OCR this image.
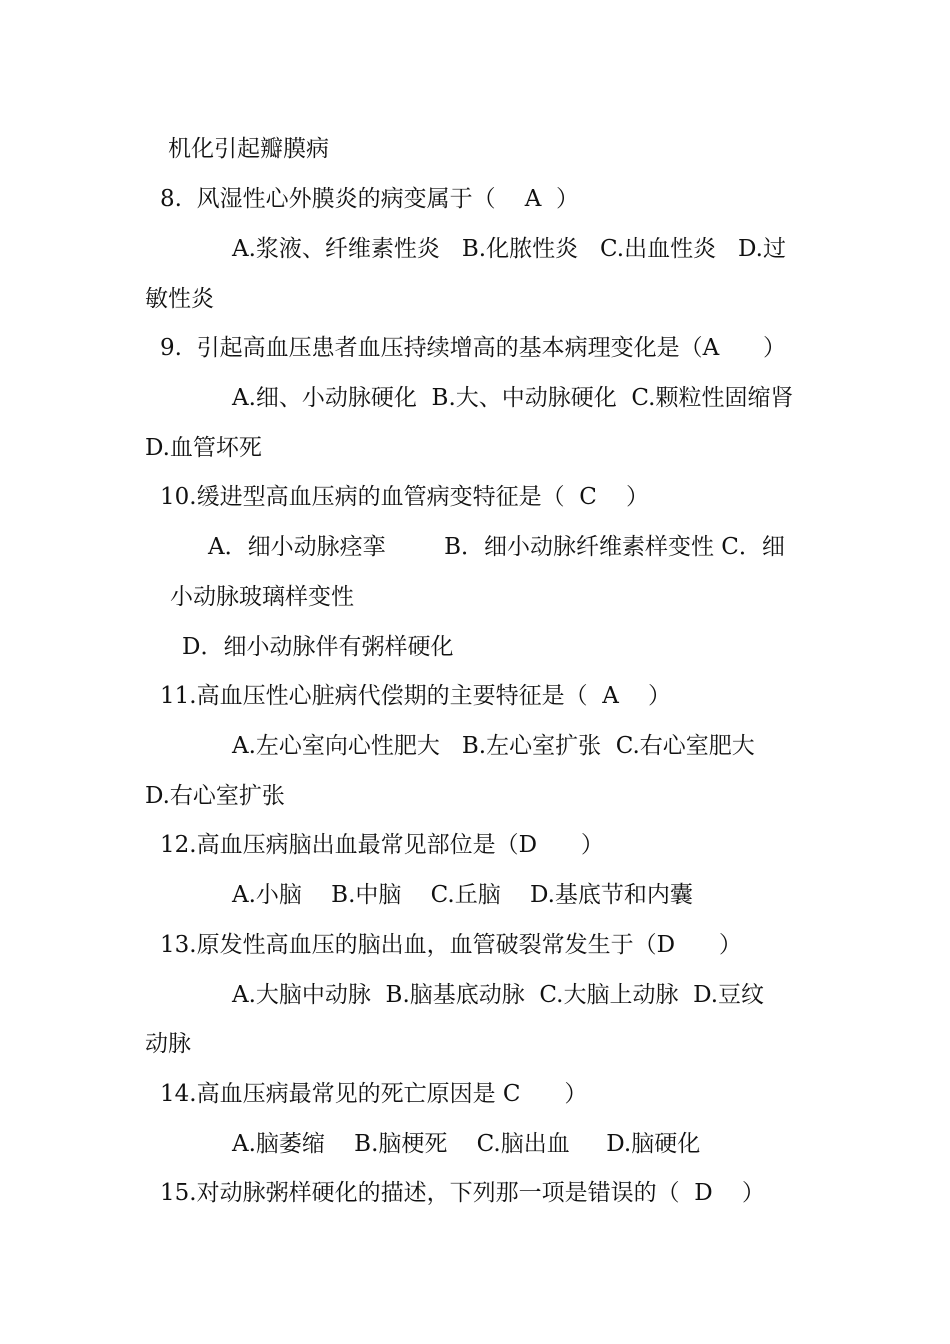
机化引起瓣膜病
8.  风湿性心外膜炎的病变属于（    A  ）
A.浆液、纤维素性炎   B.化脓性炎   C.出血性炎   D.过
敏性炎
9.  引起高血压患者血压持续增高的基本病理变化是（A      ）
A.细、小动脉硬化  B.大、中动脉硬化  C.颗粒性固缩肾
D.血管坏死
10.缓进型高血压病的血管病变特征是（  C    ）
A．细小动脉痉挛        B．细小动脉纤维素样变性 C．细
小动脉玻璃样变性
D．细小动脉伴有粥样硬化
11.高血压性心脏病代偿期的主要特征是（  A    ）
A.左心室向心性肥大   B.左心室扩张  C.右心室肥大
D.右心室扩张
12.高血压病脑出血最常见部位是（D      ）
A.小脑    B.中脑    C.丘脑    D.基底节和内囊
13.原发性高血压的脑出血，血管破裂常发生于（D      ）
A.大脑中动脉  B.脑基底动脉  C.大脑上动脉  D.豆纹
动脉
14.高血压病最常见的死亡原因是 C      ）
A.脑萎缩    B.脑梗死    C.脑出血     D.脑硬化
15.对动脉粥样硬化的描述，下列那一项是错误的（  D    ）
